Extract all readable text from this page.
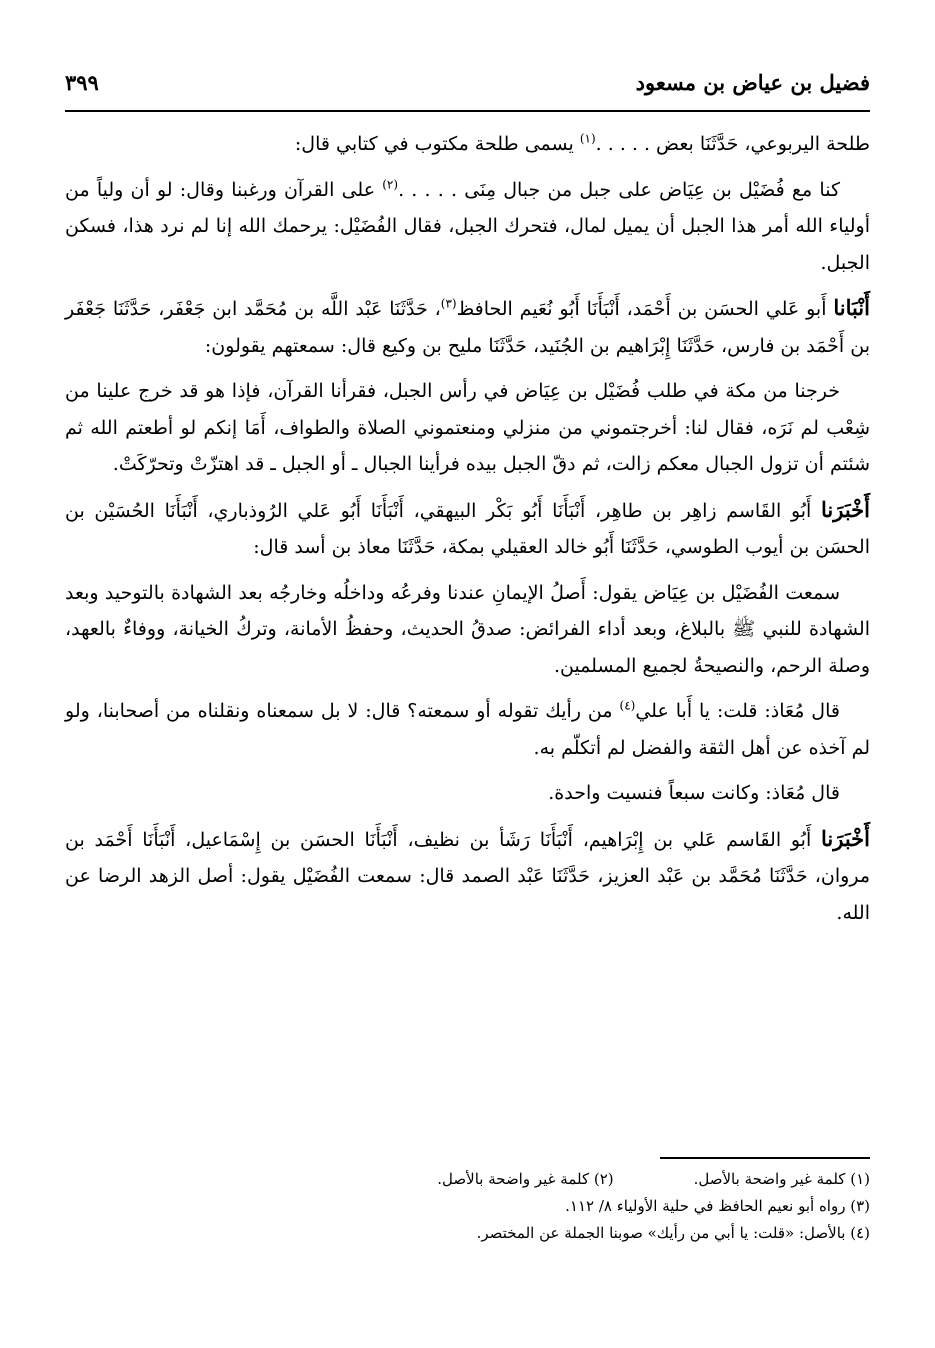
فضيل بن عياض بن مسعود
٣٩٩

طلحة اليربوعي، حَدَّثَنَا بعض . . . . .$^{(١)}$ يسمى طلحة مكتوب في كتابي قال:

كنا مع فُضَيْل بن عِيَاض على جبل من جبال مِنَى . . . . .$^{(٢)}$ على القرآن ورغبنا وقال: لو أن ولياً من أولياء الله أمر هذا الجبل أن يميل لمال، فتحرك الجبل، فقال الفُضَيْل: يرحمك الله إنا لم نرد هذا، فسكن الجبل.

أَنْبَانا أَبو عَلي الحسَن بن أَحْمَد، أَنْبَأَنَا أَبُو نُعَيم الحافظ$^{(٣)}$، حَدَّثَنَا عَبْد اللَّه بن مُحَمَّد ابن جَعْفَر، حَدَّثَنَا جَعْفَر بن أَحْمَد بن فارس، حَدَّثَنَا إِبْرَاهيم بن الجُنَيد، حَدَّثَنَا مليح بن وكيع قال: سمعتهم يقولون:

خرجنا من مكة في طلب فُضَيْل بن عِيَاض في رأس الجبل، فقرأنا القرآن، فإذا هو قد خرج علينا من شِعْب لم نَرَه، فقال لنا: أخرجتموني من منزلي ومنعتموني الصلاة والطواف، أَمَا إنكم لو أطعتم الله ثم شئتم أن تزول الجبال معكم زالت، ثم دقّ الجبل بيده فرأينا الجبال ـ أو الجبل ـ قد اهتزّتْ وتحرّكَتْ.

أَخْبَرَنا أَبُو القَاسم زاهِر بن طاهِر، أَنْبَأَنَا أَبُو بَكْر البيهقي، أَنْبَأَنَا أَبُو عَلي الرُوذباري، أَنْبَأَنَا الحُسَيْن بن الحسَن بن أيوب الطوسي، حَدَّثَنَا أَبُو خالد العقيلي بمكة، حَدَّثَنَا معاذ بن أسد قال:

سمعت الفُضَيْل بن عِيَاض يقول: أَصلُ الإيمانِ عندنا وفرعُه وداخلُه وخارجُه بعد الشهادة بالتوحيد وبعد الشهادة للنبي ﷺ بالبلاغ، وبعد أداء الفرائض: صدقُ الحديث، وحفظُ الأمانة، وتركُ الخيانة، ووفاءٌ بالعهد، وصلة الرحم، والنصيحةُ لجميع المسلمين.

قال مُعَاذ: قلت: يا أَبا علي$^{(٤)}$ من رأيك تقوله أو سمعته؟ قال: لا بل سمعناه ونقلناه من أصحابنا، ولو لم آخذه عن أهل الثقة والفضل لم أتكلّم به.

قال مُعَاذ: وكانت سبعاً فنسيت واحدة.

أَخْبَرَنا أَبُو القَاسم عَلي بن إِبْرَاهيم، أَنْبَأَنَا رَشَأ بن نظيف، أَنْبَأَنَا الحسَن بن إِسْمَاعيل، أَنْبَأَنَا أَحْمَد بن مروان، حَدَّثَنَا مُحَمَّد بن عَبْد العزيز، حَدَّثَنَا عَبْد الصمد قال: سمعت الفُضَيْل يقول: أصل الزهد الرضا عن الله.

(١) كلمة غير واضحة بالأصل.(٢) كلمة غير واضحة بالأصل.
(٣) رواه أبو نعيم الحافظ في حلية الأولياء ٨/ ١١٢.
(٤) بالأصل: «قلت: يا أبي من رأيك» صوبنا الجملة عن المختصر.
